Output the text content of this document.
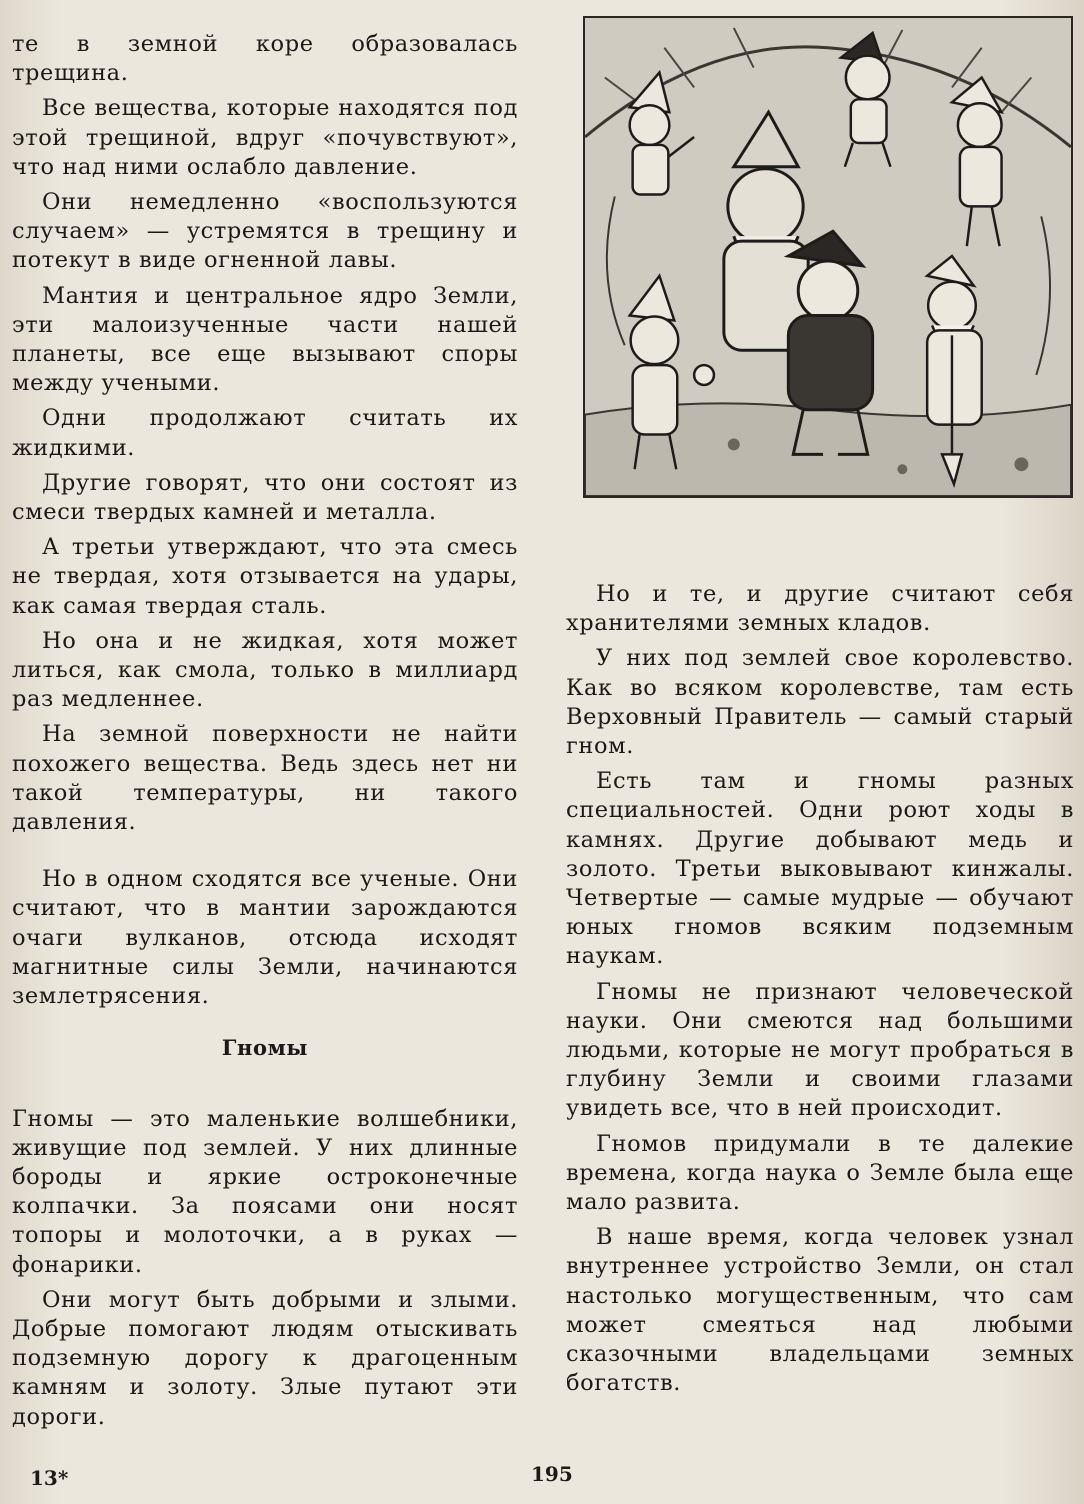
те в земной коре образовалась трещина.

Все вещества, которые находятся под этой трещиной, вдруг «почувствуют», что над ними ослабло давление.

Они немедленно «воспользуются случаем» — устремятся в трещину и потекут в виде огненной лавы.

Мантия и центральное ядро Земли, эти малоизученные части нашей планеты, все еще вызывают споры между учеными.

Одни продолжают считать их жидкими.

Другие говорят, что они состоят из смеси твердых камней и металла.

А третьи утверждают, что эта смесь не твердая, хотя отзывается на удары, как самая твердая сталь.

Но она и не жидкая, хотя может литься, как смола, только в миллиард раз медленнее.

На земной поверхности не найти похожего вещества. Ведь здесь нет ни такой температуры, ни такого давления.

Но в одном сходятся все ученые. Они считают, что в мантии зарождаются очаги вулканов, отсюда исходят магнитные силы Земли, начинаются землетрясения.

Гномы

Гномы — это маленькие волшебники, живущие под землей. У них длинные бороды и яркие остроконечные колпачки. За поясами они носят топоры и молоточки, а в руках — фонарики.

Они могут быть добрыми и злыми. Добрые помогают людям отыскивать подземную дорогу к драгоценным камням и золоту. Злые путают эти дороги.

Но и те, и другие считают себя хранителями земных кладов.

У них под землей свое королевство. Как во всяком королевстве, там есть Верховный Правитель — самый старый гном.

Есть там и гномы разных специальностей. Одни роют ходы в камнях. Другие добывают медь и золото. Третьи выковывают кинжалы. Четвертые — самые мудрые — обучают юных гномов всяким подземным наукам.

Гномы не признают человеческой науки. Они смеются над большими людьми, которые не могут пробраться в глубину Земли и своими глазами увидеть все, что в ней происходит.

Гномов придумали в те далекие времена, когда наука о Земле была еще мало развита.

В наше время, когда человек узнал внутреннее устройство Земли, он стал настолько могущественным, что сам может смеяться над любыми сказочными владельцами земных богатств.

13*	195
